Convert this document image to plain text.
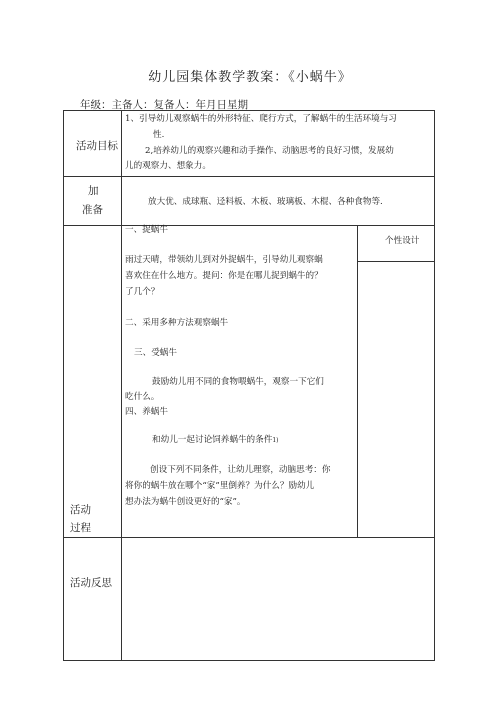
幼儿园集体教学教案：《小蜗牛》
年级：主备人：复备人：年月日星期
活动目标
1、引导幼儿观察蜗牛的外形特征、爬行方式，了解蜗牛的生活环境与习
性.
2,培养幼儿的观察兴趣和动手操作、动脑思考的良好习惯，发展幼
儿的观察力、想象力。
加
准备
放大优、成球瓶、迳料板、木板、玻璃板、木棍、各种食物等.
个性设计
活动
过程
一、捉蜗牛
雨过天晴，带领幼儿到对外捉蜗牛，引导幼儿观察蜗
喜欢住在什么地方。提问：你是在哪儿捉到蜗牛的？
了几个？
二、采用多种方法观察蜗牛
三、受蜗牛
鼓励幼儿用不同的食物喂蜗牛，观察一下它们
吃什么。
四、养蜗牛
和幼儿一起讨论饲养蜗牛的条件1)
创设下列不同条件，让幼儿理察，动脑思考：你
将你的蜗牛放在哪个“家”里倒养？为什么？励幼儿
想办法为蜗牛创设更好的“家”。
活动反思
